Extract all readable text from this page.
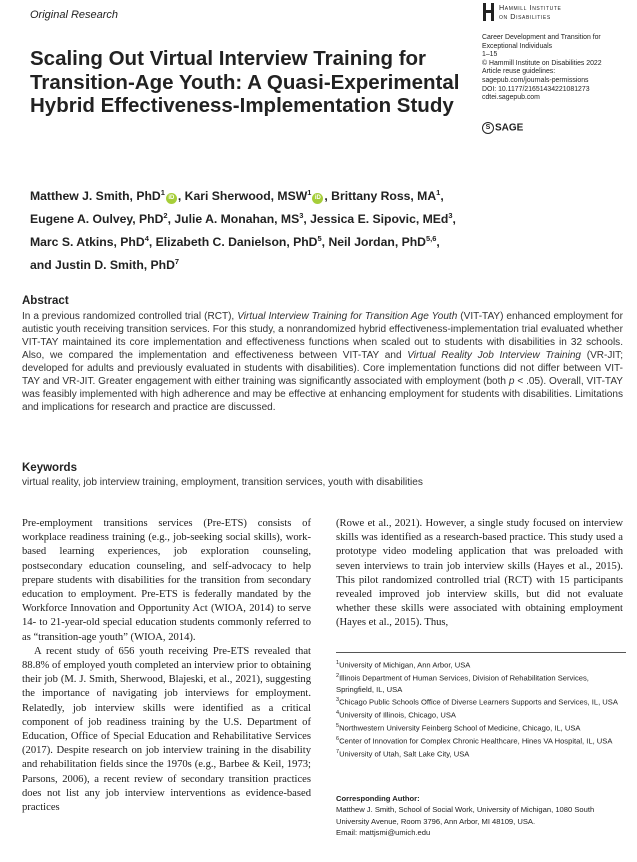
Original Research
Hammill Institute
on Disabilities
Career Development and Transition for
Exceptional Individuals
1–15
© Hammill Institute on Disabilities 2022
Article reuse guidelines:
sagepub.com/journals-permissions
DOI: 10.1177/21651434221081273
cdtei.sagepub.com
S SAGE
Scaling Out Virtual Interview Training for Transition-Age Youth: A Quasi-Experimental Hybrid Effectiveness-Implementation Study
Matthew J. Smith, PhD$^1$iD , Kari Sherwood, MSW$^1$iD , Brittany Ross, $MA^1$,
Eugene A. Oulvey, PhD$^2$, Julie A. Monahan, $MS^3$, Jessica E. Sipovic, MEd$^3$,
Marc S. Atkins, PhD$^4$, Elizabeth C. Danielson, PhD$^5$, Neil Jordan, PhD$^{5,6}$,
and Justin D. Smith, PhD$^7$
Abstract
In a previous randomized controlled trial (RCT), Virtual Interview Training for Transition Age Youth (VIT-TAY) enhanced employment for autistic youth receiving transition services. For this study, a nonrandomized hybrid effectiveness-implementation trial evaluated whether VIT-TAY maintained its core implementation and effectiveness functions when scaled out to students with disabilities in 32 schools. Also, we compared the implementation and effectiveness between VIT-TAY and Virtual Reality Job Interview Training (VR-JIT; developed for adults and previously evaluated in students with disabilities). Core implementation functions did not differ between VIT-TAY and VR-JIT. Greater engagement with either training was significantly associated with employment (both p < .05). Overall, VIT-TAY was feasibly implemented with high adherence and may be effective at enhancing employment for students with disabilities. Limitations and implications for research and practice are discussed.
Keywords
virtual reality, job interview training, employment, transition services, youth with disabilities

Pre-employment transitions services (Pre-ETS) consists of workplace readiness training (e.g., job-seeking social skills), work-based learning experiences, job exploration counseling, postsecondary education counseling, and self-advocacy to help prepare students with disabilities for the transition from secondary education to employment. Pre-ETS is federally mandated by the Workforce Innovation and Opportunity Act (WIOA, 2014) to serve 14- to 21-year-old special education students commonly referred to as “transition-age youth” (WIOA, 2014).

A recent study of 656 youth receiving Pre-ETS revealed that 88.8% of employed youth completed an interview prior to obtaining their job (M. J. Smith, Sherwood, Blajeski, et al., 2021), suggesting the importance of navigating job interviews for employment. Relatedly, job interview skills were identified as a critical component of job readiness training by the U.S. Department of Education, Office of Special Education and Rehabilitative Services (2017). Despite research on job interview training in the disability and rehabilitation fields since the 1970s (e.g., Barbee & Keil, 1973; Parsons, 2006), a recent review of secondary transition practices does not list any job interview interventions as evidence-based practices

(Rowe et al., 2021). However, a single study focused on interview skills was identified as a research-based practice. This study used a prototype video modeling application that was preloaded with seven interviews to train job interview skills (Hayes et al., 2015). This pilot randomized controlled trial (RCT) with 15 participants revealed improved job interview skills, but did not evaluate whether these skills were associated with obtaining employment (Hayes et al., 2015). Thus,

$^1$University of Michigan, Ann Arbor, USA
$^2$Illinois Department of Human Services, Division of Rehabilitation Services, Springfield, IL, USA
$^3$Chicago Public Schools Office of Diverse Learners Supports and Services, IL, USA
$^4$University of Illinois, Chicago, USA
$^5$Northwestern University Feinberg School of Medicine, Chicago, IL, USA
$^6$Center of Innovation for Complex Chronic Healthcare, Hines VA Hospital, IL, USA
$^7$University of Utah, Salt Lake City, USA
Corresponding Author:
Matthew J. Smith, School of Social Work, University of Michigan, 1080 South University Avenue, Room 3796, Ann Arbor, MI 48109, USA.
Email: mattjsmi@umich.edu
